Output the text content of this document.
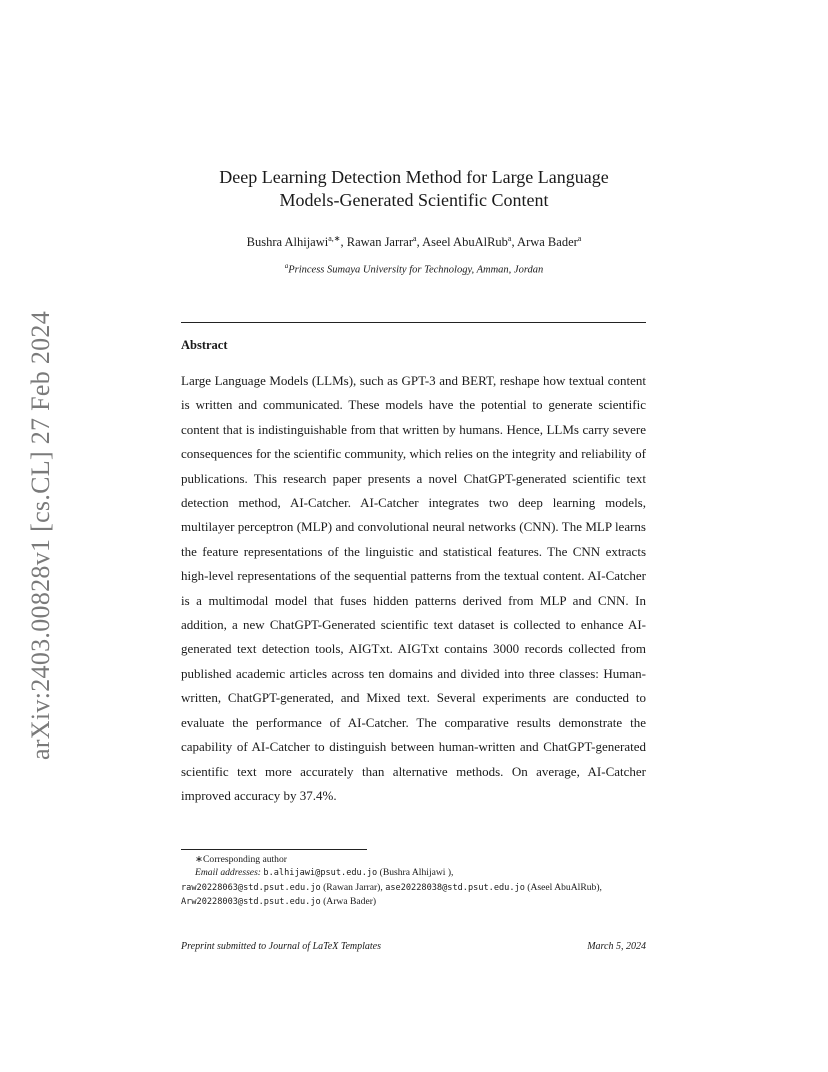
arXiv:2403.00828v1 [cs.CL] 27 Feb 2024
Deep Learning Detection Method for Large Language
Models-Generated Scientific Content
Bushra Alhijawi$^{a,∗}$, Rawan Jarrar$^a$, Aseel AbuAlRub$^a$, Arwa Bader$^a$
$^a$Princess Sumaya University for Technology, Amman, Jordan
Abstract
Large Language Models (LLMs), such as GPT-3 and BERT, reshape how textual content is written and communicated. These models have the potential to generate scientific content that is indistinguishable from that written by humans. Hence, LLMs carry severe consequences for the scientific community, which relies on the integrity and reliability of publications. This research paper presents a novel ChatGPT-generated scientific text detection method, AI-Catcher. AI-Catcher integrates two deep learning models, multilayer perceptron (MLP) and convolutional neural networks (CNN). The MLP learns the feature representations of the linguistic and statistical features. The CNN extracts high-level representations of the sequential patterns from the textual content. AI-Catcher is a multimodal model that fuses hidden patterns derived from MLP and CNN. In addition, a new ChatGPT-Generated scientific text dataset is collected to enhance AI-generated text detection tools, AIGTxt. AIGTxt contains 3000 records collected from published academic articles across ten domains and divided into three classes: Human-written, ChatGPT-generated, and Mixed text. Several experiments are conducted to evaluate the performance of AI-Catcher. The comparative results demonstrate the capability of AI-Catcher to distinguish between human-written and ChatGPT-generated scientific text more accurately than alternative methods. On average, AI-Catcher improved accuracy by 37.4%.
∗Corresponding author
Email addresses: b.alhijawi@psut.edu.jo (Bushra Alhijawi ),
raw20228063@std.psut.edu.jo (Rawan Jarrar), ase20228038@std.psut.edu.jo (Aseel AbuAlRub), Arw20228003@std.psut.edu.jo (Arwa Bader)
Preprint submitted to Journal of LaTeX Templates	March 5, 2024
